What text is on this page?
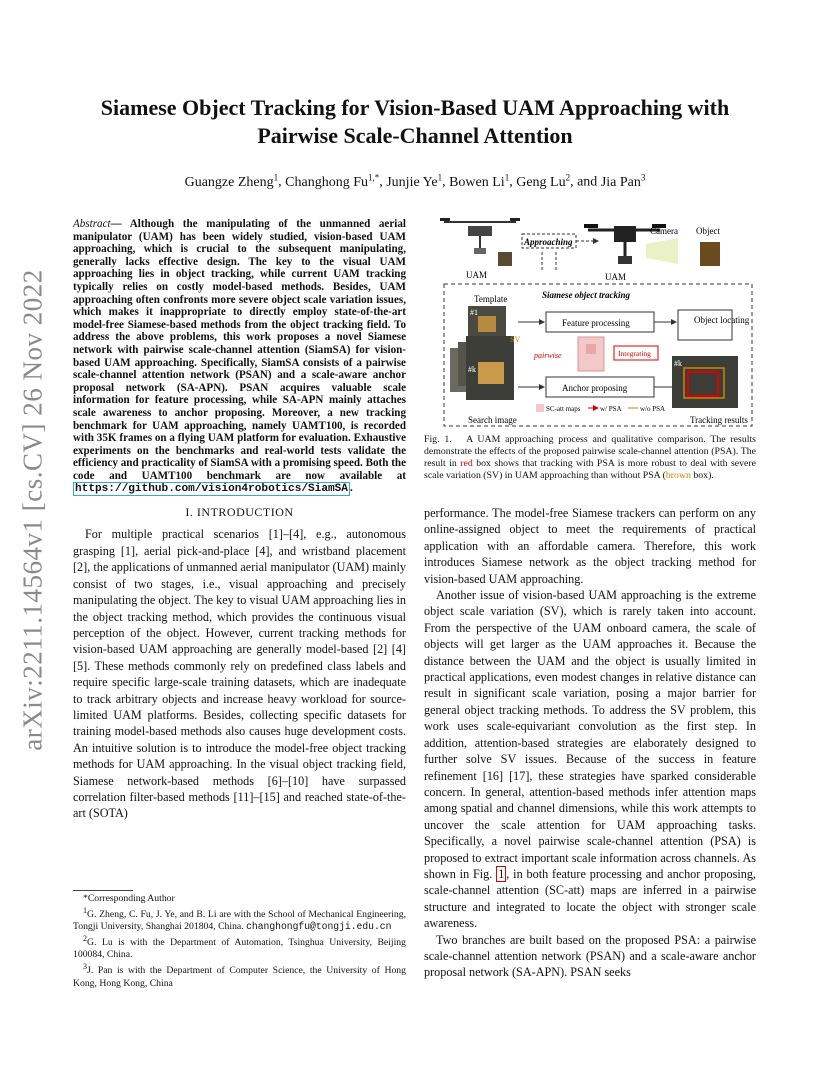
arXiv:2211.14564v1 [cs.CV] 26 Nov 2022
Siamese Object Tracking for Vision-Based UAM Approaching with
Pairwise Scale-Channel Attention
Guangze Zheng$^1$, Changhong $Fu^{1,*}$, Junjie Ye$^1$, Bowen Li$^1$, Geng Lu$^2$, and Jia Pan$^3$

Abstract— Although the manipulating of the unmanned aerial manipulator (UAM) has been widely studied, vision-based UAM approaching, which is crucial to the subsequent manipulating, generally lacks effective design. The key to the visual UAM approaching lies in object tracking, while current UAM tracking typically relies on costly model-based methods. Besides, UAM approaching often confronts more severe object scale variation issues, which makes it inappropriate to directly employ state-of-the-art model-free Siamese-based methods from the object tracking field. To address the above problems, this work proposes a novel Siamese network with pairwise scale-channel attention (SiamSA) for vision-based UAM approaching. Specifically, SiamSA consists of a pairwise scale-channel attention network (PSAN) and a scale-aware anchor proposal network (SA-APN). PSAN acquires valuable scale information for feature processing, while SA-APN mainly attaches scale awareness to anchor proposing. Moreover, a new tracking benchmark for UAM approaching, namely UAMT100, is recorded with 35K frames on a flying UAM platform for evaluation. Exhaustive experiments on the benchmarks and real-world tests validate the efficiency and practicality of SiamSA with a promising speed. Both the code and UAMT100 benchmark are now available at https://github.com/vision4robotics/SiamSA .

I. INTRODUCTION

For multiple practical scenarios [1]–[4], e.g., autonomous grasping [1], aerial pick-and-place [4], and wristband placement [2], the applications of unmanned aerial manipulator (UAM) mainly consist of two stages, i.e., visual approaching and precisely manipulating the object. The key to visual UAM approaching lies in the object tracking method, which provides the continuous visual perception of the object. However, current tracking methods for vision-based UAM approaching are generally model-based [2] [4] [5]. These methods commonly rely on predefined class labels and require specific large-scale training datasets, which are inadequate to track arbitrary objects and increase heavy workload for source-limited UAM platforms. Besides, collecting specific datasets for training model-based methods also causes huge development costs. An intuitive solution is to introduce the model-free object tracking methods for UAM approaching. In the visual object tracking field, Siamese network-based methods [6]–[10] have surpassed correlation filter-based methods [11]–[15] and reached state-of-the-art (SOTA)

*Corresponding Author
$^1$G. Zheng, C. Fu, J. Ye, and B. Li are with the School of Mechanical Engineering, Tongji University, Shanghai 201804, China. changhongfu@tongji.edu.cn
$^2$G. Lu is with the Department of Automation, Tsinghua University, Beijing 100084, China.
$^3$J. Pan is with the Department of Computer Science, the University of Hong Kong, Hong Kong, China
UAM
Approaching
UAM
Camera Object
Template	Siamese object tracking
#1
#k
SV
Search image
Feature processing
Anchor proposing
pairwise	Integrating
Object locating
#k
Tracking results
SC-att maps	w/ PSA	w/o PSA
Fig. 1. A UAM approaching process and qualitative comparison. The results demonstrate the effects of the proposed pairwise scale-channel attention (PSA). The result in red box shows that tracking with PSA is more robust to deal with severe scale variation (SV) in UAM approaching than without PSA (brown box).

performance. The model-free Siamese trackers can perform on any online-assigned object to meet the requirements of practical application with an affordable camera. Therefore, this work introduces Siamese network as the object tracking method for vision-based UAM approaching.

Another issue of vision-based UAM approaching is the extreme object scale variation (SV), which is rarely taken into account. From the perspective of the UAM onboard camera, the scale of objects will get larger as the UAM approaches it. Because the distance between the UAM and the object is usually limited in practical applications, even modest changes in relative distance can result in significant scale variation, posing a major barrier for general object tracking methods. To address the SV problem, this work uses scale-equivariant convolution as the first step. In addition, attention-based strategies are elaborately designed to further solve SV issues. Because of the success in feature refinement [16] [17], these strategies have sparked considerable concern. In general, attention-based methods infer attention maps among spatial and channel dimensions, while this work attempts to uncover the scale attention for UAM approaching tasks. Specifically, a novel pairwise scale-channel attention (PSA) is proposed to extract important scale information across channels. As shown in Fig. 1 , in both feature processing and anchor proposing, scale-channel attention (SC-att) maps are inferred in a pairwise structure and integrated to locate the object with stronger scale awareness.

Two branches are built based on the proposed PSA: a pairwise scale-channel attention network (PSAN) and a scale-aware anchor proposal network (SA-APN). PSAN seeks
